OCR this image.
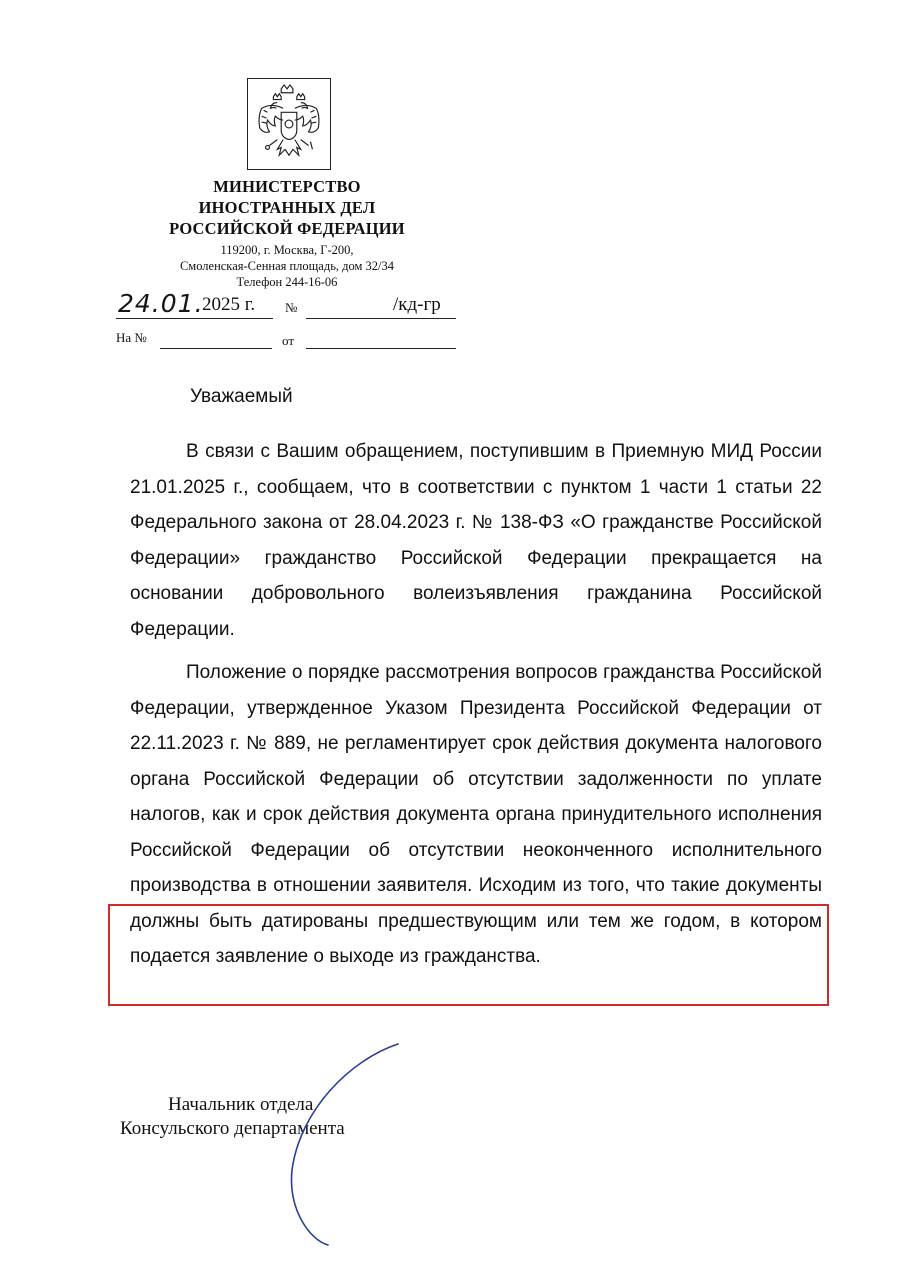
МИНИСТЕРСТВО
ИНОСТРАННЫХ ДЕЛ
РОССИЙСКОЙ ФЕДЕРАЦИИ
119200, г. Москва, Г-200,
Смоленская-Сенная площадь, дом 32/34
Телефон 244-16-06
24.01.
2025 г. №	/кд-гр
На №	от
Уважаемый

В связи с Вашим обращением, поступившим в Приемную МИД России 21.01.2025 г., сообщаем, что в соответствии с пунктом 1 части 1 статьи 22 Федерального закона от 28.04.2023 г. № 138-ФЗ «О гражданстве Российской Федерации» гражданство Российской Федерации прекращается на основании добровольного волеизъявления гражданина Российской Федерации.

Положение о порядке рассмотрения вопросов гражданства Российской Федерации, утвержденное Указом Президента Российской Федерации от 22.11.2023 г. № 889, не регламентирует срок действия документа налогового органа Российской Федерации об отсутствии задолженности по уплате налогов, как и срок действия документа органа принудительного исполнения Российской Федерации об отсутствии неоконченного исполнительного производства в отношении заявителя. Исходим из того, что такие документы должны быть датированы предшествующим или тем же годом, в котором подается заявление о выходе из гражданства.

Начальник отдела
Консульского департамента
